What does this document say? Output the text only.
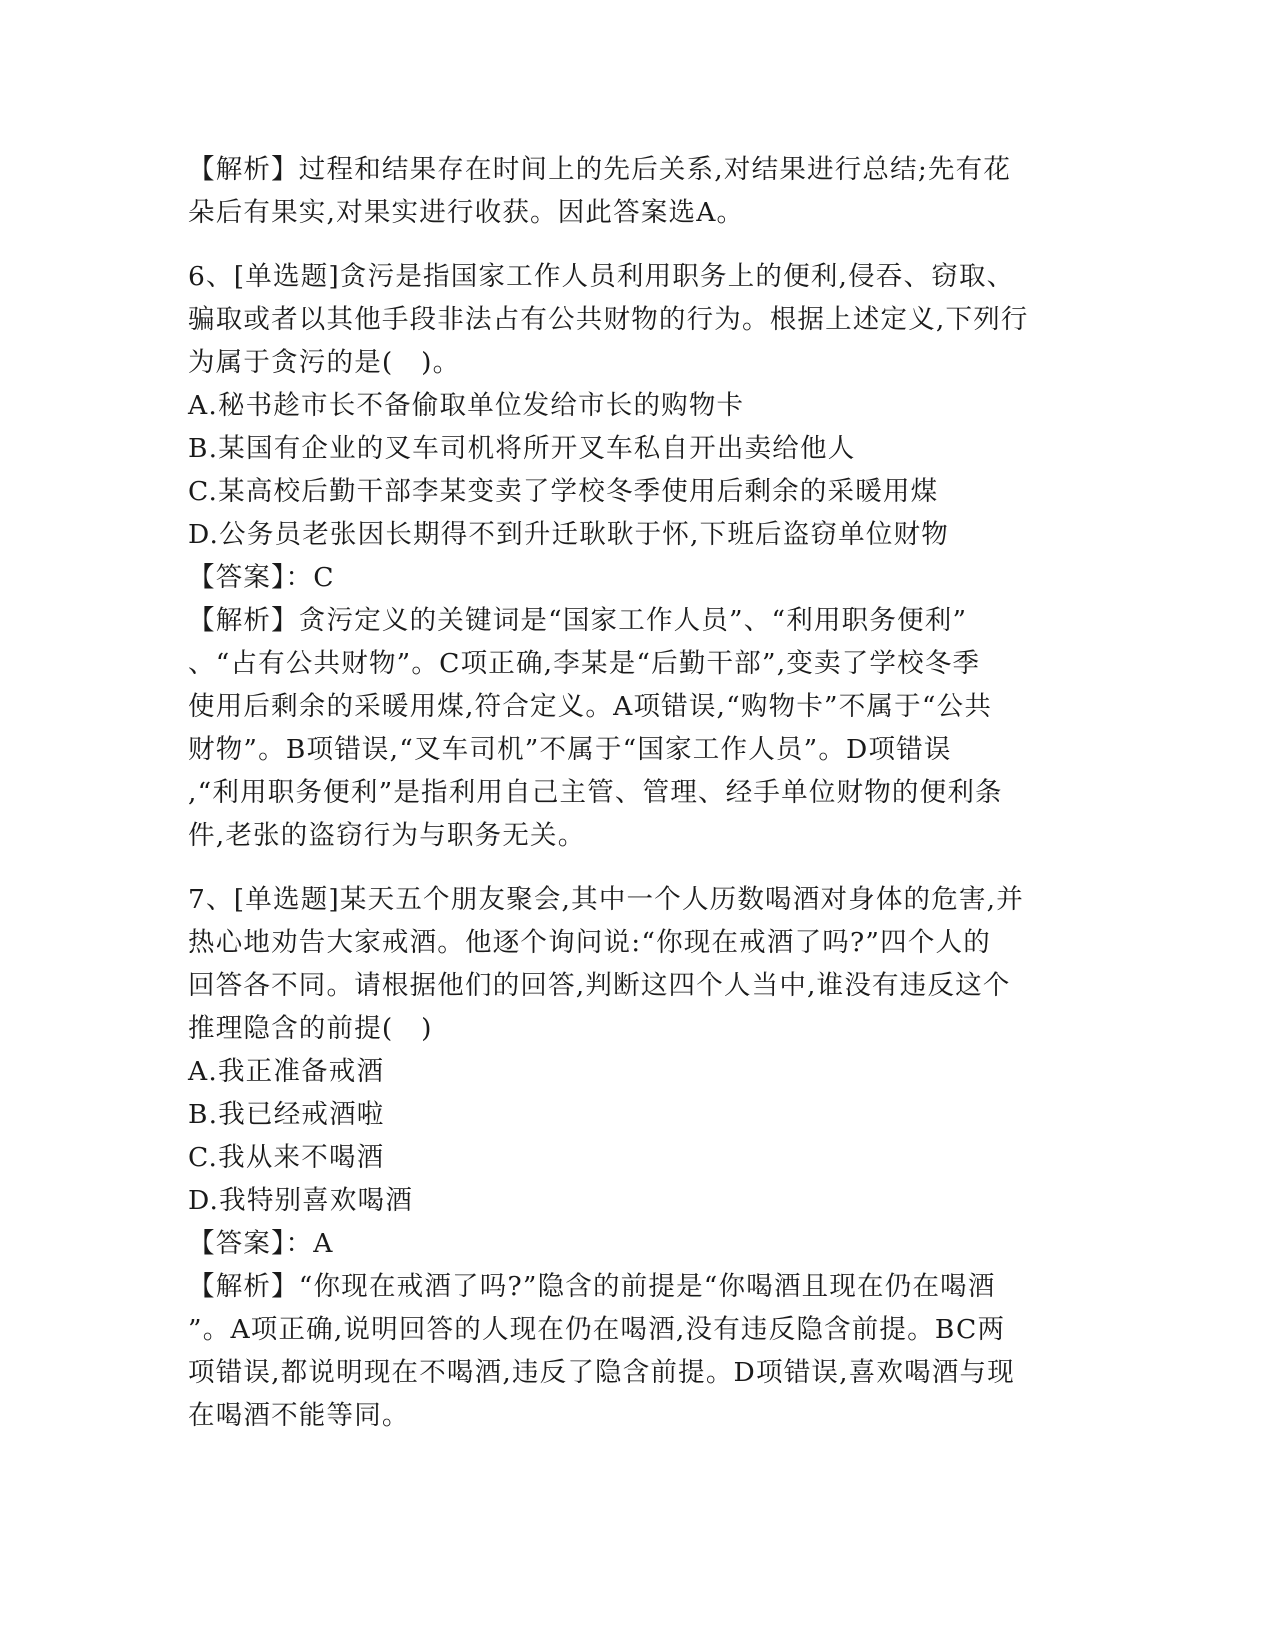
【解析】过程和结果存在时间上的先后关系,对结果进行总结;先有花
朵后有果实,对果实进行收获。因此答案选A。
6、[单选题]贪污是指国家工作人员利用职务上的便利,侵吞、窃取、
骗取或者以其他手段非法占有公共财物的行为。根据上述定义,下列行
为属于贪污的是(　)。
A.秘书趁市长不备偷取单位发给市长的购物卡
B.某国有企业的叉车司机将所开叉车私自开出卖给他人
C.某高校后勤干部李某变卖了学校冬季使用后剩余的采暖用煤
D.公务员老张因长期得不到升迁耿耿于怀,下班后盗窃单位财物
【答案】：C
【解析】贪污定义的关键词是“国家工作人员”、“利用职务便利”
、“占有公共财物”。C项正确,李某是“后勤干部”,变卖了学校冬季
使用后剩余的采暖用煤,符合定义。A项错误,“购物卡”不属于“公共
财物”。B项错误,“叉车司机”不属于“国家工作人员”。D项错误
,“利用职务便利”是指利用自己主管、管理、经手单位财物的便利条
件,老张的盗窃行为与职务无关。
7、[单选题]某天五个朋友聚会,其中一个人历数喝酒对身体的危害,并
热心地劝告大家戒酒。他逐个询问说:“你现在戒酒了吗?”四个人的
回答各不同。请根据他们的回答,判断这四个人当中,谁没有违反这个
推理隐含的前提(　)
A.我正准备戒酒
B.我已经戒酒啦
C.我从来不喝酒
D.我特别喜欢喝酒
【答案】：A
【解析】“你现在戒酒了吗?”隐含的前提是“你喝酒且现在仍在喝酒
”。A项正确,说明回答的人现在仍在喝酒,没有违反隐含前提。BC两
项错误,都说明现在不喝酒,违反了隐含前提。D项错误,喜欢喝酒与现
在喝酒不能等同。
